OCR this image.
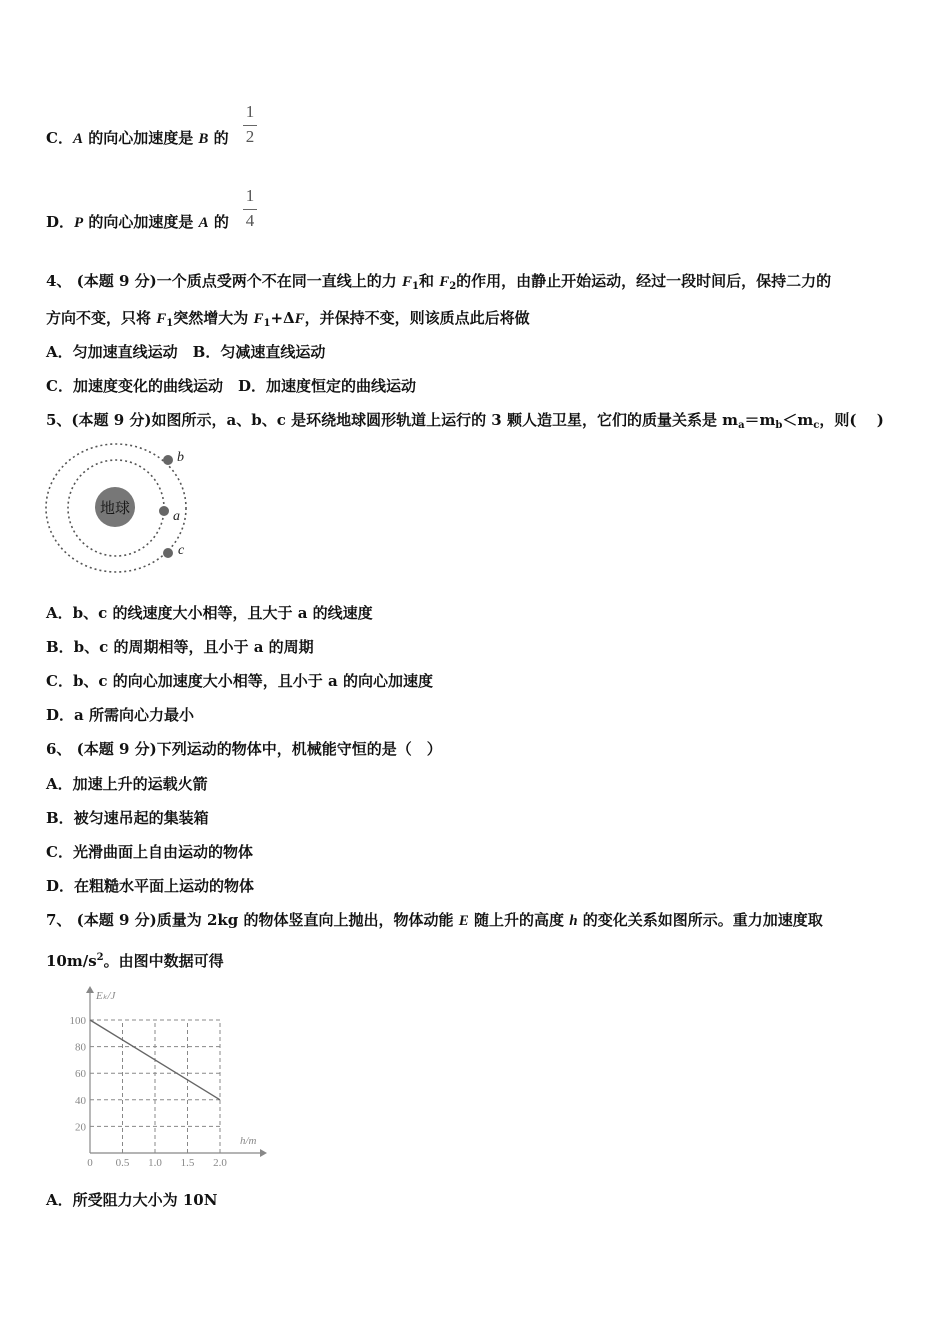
C．A 的向心加速度是 B 的
1
2
D．P 的向心加速度是 A 的
1
4
4、 (本题 9 分)一个质点受两个不在同一直线上的力 $F_1$和 $F_2$的作用，由静止开始运动，经过一段时间后，保持二力的
方向不变，只将 $F_1$突然增大为 $F_1+\Delta F$，并保持不变，则该质点此后将做
A．匀加速直线运动　B．匀减速直线运动
C．加速度变化的曲线运动　D．加速度恒定的曲线运动
5、(本题 9 分)如图所示，a、b、c 是环绕地球圆形轨道上运行的 3 颗人造卫星，它们的质量关系是 $m_a=m_b<m_c$，则(　 )
地球
b
a
c
A．b、c 的线速度大小相等，且大于 a 的线速度
B．b、c 的周期相等，且小于 a 的周期
C．b、c 的向心加速度大小相等，且小于 a 的向心加速度
D．a 所需向心力最小
6、 (本题 9 分)下列运动的物体中，机械能守恒的是（　）
A．加速上升的运载火箭
B．被匀速吊起的集装箱
C．光滑曲面上自由运动的物体
D．在粗糙水平面上运动的物体
7、 (本题 9 分)质量为 2kg 的物体竖直向上抛出，物体动能 E 随上升的高度 h 的变化关系如图所示。重力加速度取
$10m/s^2$。由图中数据可得
Eₖ/J
h/m
0 0.5 1.0 1.5 2.0
20
40
60
80
100
A．所受阻力大小为 10N
